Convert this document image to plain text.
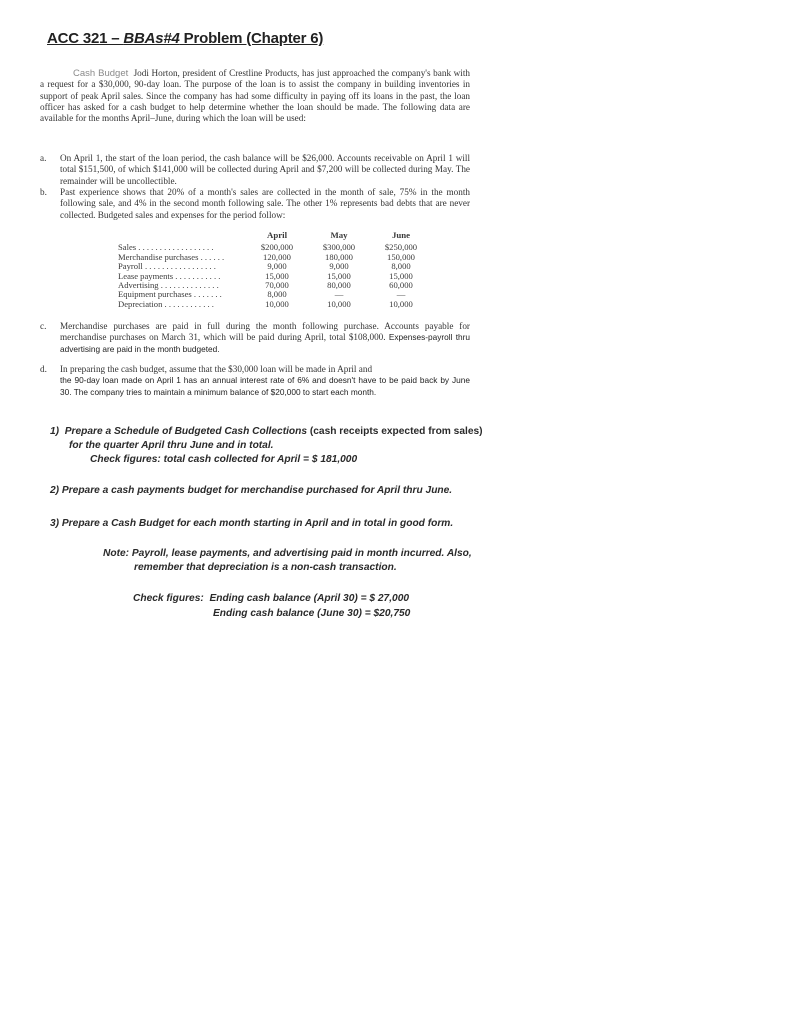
ACC 321 – BBAs#4 Problem (Chapter 6)
Cash Budget Jodi Horton, president of Crestline Products, has just approached the company's bank with a request for a $30,000, 90-day loan. The purpose of the loan is to assist the company in building inventories in support of peak April sales. Since the company has had some difficulty in paying off its loans in the past, the loan officer has asked for a cash budget to help determine whether the loan should be made. The following data are available for the months April–June, during which the loan will be used:
a.	On April 1, the start of the loan period, the cash balance will be $26,000. Accounts receivable on April 1 will total $151,500, of which $141,000 will be collected during April and $7,200 will be collected during May. The remainder will be uncollectible.
b.	Past experience shows that 20% of a month's sales are collected in the month of sale, 75% in the month following sale, and 4% in the second month following sale. The other 1% represents bad debts that are never collected. Budgeted sales and expenses for the period follow:
	April	May	June
Sales . . . . . . . . . . . . . . . . . .	$200,000	$300,000	$250,000
Merchandise purchases . . . . . .	120,000	180,000	150,000
Payroll . . . . . . . . . . . . . . . . .	9,000	9,000	8,000
Lease payments . . . . . . . . . . .	15,000	15,000	15,000
Advertising . . . . . . . . . . . . . .	70,000	80,000	60,000
Equipment purchases . . . . . . .	8,000	—	—
Depreciation . . . . . . . . . . . .	10,000	10,000	10,000
c.	Merchandise purchases are paid in full during the month following purchase. Accounts payable for merchandise purchases on March 31, which will be paid during April, total $108,000. Expenses-payroll thru advertising are paid in the month budgeted.
d.	In preparing the cash budget, assume that the $30,000 loan will be made in April and
the 90-day loan made on April 1 has an annual interest rate of 6% and doesn't have to be paid back by June 30. The company tries to maintain a minimum balance of $20,000 to start each month.
1) Prepare a Schedule of Budgeted Cash Collections (cash receipts expected from sales)
for the quarter April thru June and in total.
Check figures: total cash collected for April = $ 181,000
2) Prepare a cash payments budget for merchandise purchased for April thru June.
3) Prepare a Cash Budget for each month starting in April and in total in good form.
Note: Payroll, lease payments, and advertising paid in month incurred. Also,
remember that depreciation is a non-cash transaction.
Check figures: Ending cash balance (April 30) = $ 27,000
Ending cash balance (June 30) = $20,750
